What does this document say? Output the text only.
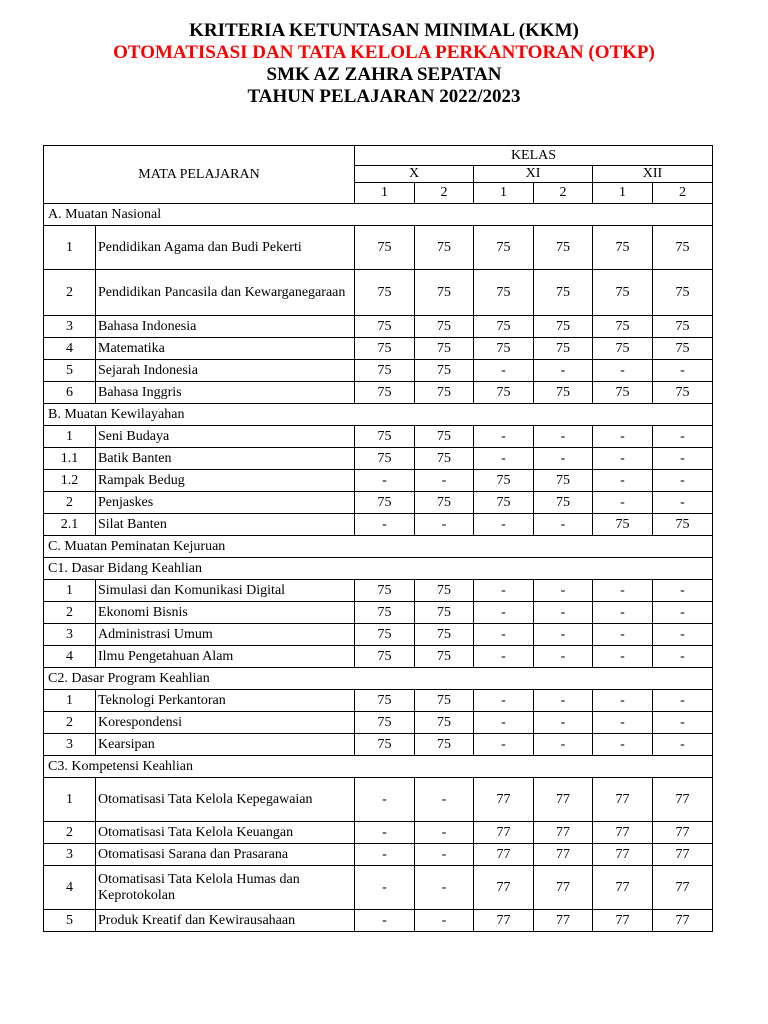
KRITERIA KETUNTASAN MINIMAL (KKM)
OTOMATISASI DAN TATA KELOLA PERKANTORAN (OTKP)
SMK AZ ZAHRA SEPATAN
TAHUN PELAJARAN 2022/2023
MATA PELAJARAN		KELAS					
		X		XI		XII	
		1	2	1	2	1	2
A. Muatan Nasional							
1	Pendidikan Agama dan Budi Pekerti	75	75	75	75	75	75
2	Pendidikan Pancasila dan Kewarganegaraan	75	75	75	75	75	75
3	Bahasa Indonesia	75	75	75	75	75	75
4	Matematika	75	75	75	75	75	75
5	Sejarah Indonesia	75	75	-	-	-	-
6	Bahasa Inggris	75	75	75	75	75	75
B. Muatan Kewilayahan							
1	Seni Budaya	75	75	-	-	-	-
1.1	Batik Banten	75	75	-	-	-	-
1.2	Rampak Bedug	-	-	75	75	-	-
2	Penjaskes	75	75	75	75	-	-
2.1	Silat Banten	-	-	-	-	75	75
C. Muatan Peminatan Kejuruan							
C1. Dasar Bidang Keahlian							
1	Simulasi dan Komunikasi Digital	75	75	-	-	-	-
2	Ekonomi Bisnis	75	75	-	-	-	-
3	Administrasi Umum	75	75	-	-	-	-
4	Ilmu Pengetahuan Alam	75	75	-	-	-	-
C2. Dasar Program Keahlian							
1	Teknologi Perkantoran	75	75	-	-	-	-
2	Korespondensi	75	75	-	-	-	-
3	Kearsipan	75	75	-	-	-	-
C3. Kompetensi Keahlian							
1	Otomatisasi Tata Kelola Kepegawaian	-	-	77	77	77	77
2	Otomatisasi Tata Kelola Keuangan	-	-	77	77	77	77
3	Otomatisasi Sarana dan Prasarana	-	-	77	77	77	77
4	Otomatisasi Tata Kelola Humas dan Keprotokolan	-	-	77	77	77	77
5	Produk Kreatif dan Kewirausahaan	-	-	77	77	77	77
